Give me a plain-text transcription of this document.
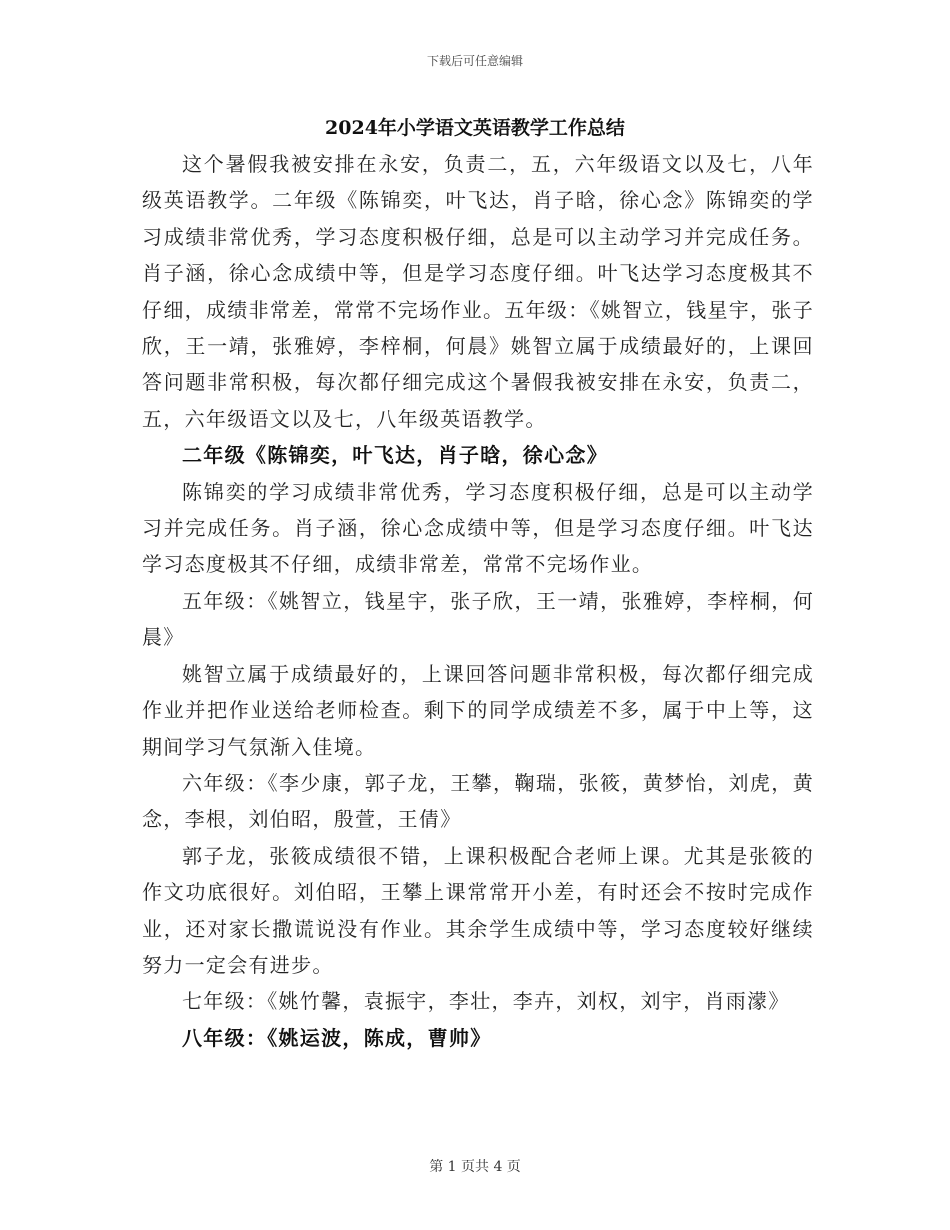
下载后可任意编辑
2024年小学语文英语教学工作总结

这个暑假我被安排在永安，负责二，五，六年级语文以及七，八年级英语教学。二年级《陈锦奕，叶飞达，肖子晗，徐心念》陈锦奕的学习成绩非常优秀，学习态度积极仔细，总是可以主动学习并完成任务。肖子涵，徐心念成绩中等，但是学习态度仔细。叶飞达学习态度极其不仔细，成绩非常差，常常不完场作业。五年级：《姚智立，钱星宇，张子欣，王一靖，张雅婷，李梓桐，何晨》姚智立属于成绩最好的，上课回答问题非常积极，每次都仔细完成这个暑假我被安排在永安，负责二，五，六年级语文以及七，八年级英语教学。

二年级《陈锦奕，叶飞达，肖子晗，徐心念》

陈锦奕的学习成绩非常优秀，学习态度积极仔细，总是可以主动学习并完成任务。肖子涵，徐心念成绩中等，但是学习态度仔细。叶飞达学习态度极其不仔细，成绩非常差，常常不完场作业。

五年级：《姚智立，钱星宇，张子欣，王一靖，张雅婷，李梓桐，何晨》

姚智立属于成绩最好的，上课回答问题非常积极，每次都仔细完成作业并把作业送给老师检查。剩下的同学成绩差不多，属于中上等，这期间学习气氛渐入佳境。

六年级：《李少康，郭子龙，王攀，鞠瑞，张筱，黄梦怡，刘虎，黄念，李根，刘伯昭，殷萱，王倩》

郭子龙，张筱成绩很不错，上课积极配合老师上课。尤其是张筱的作文功底很好。刘伯昭，王攀上课常常开小差，有时还会不按时完成作业，还对家长撒谎说没有作业。其余学生成绩中等，学习态度较好继续努力一定会有进步。

七年级：《姚竹馨，袁振宇，李壮，李卉，刘权，刘宇，肖雨濛》

八年级：《姚运波，陈成，曹帅》

第 1 页共 4 页
